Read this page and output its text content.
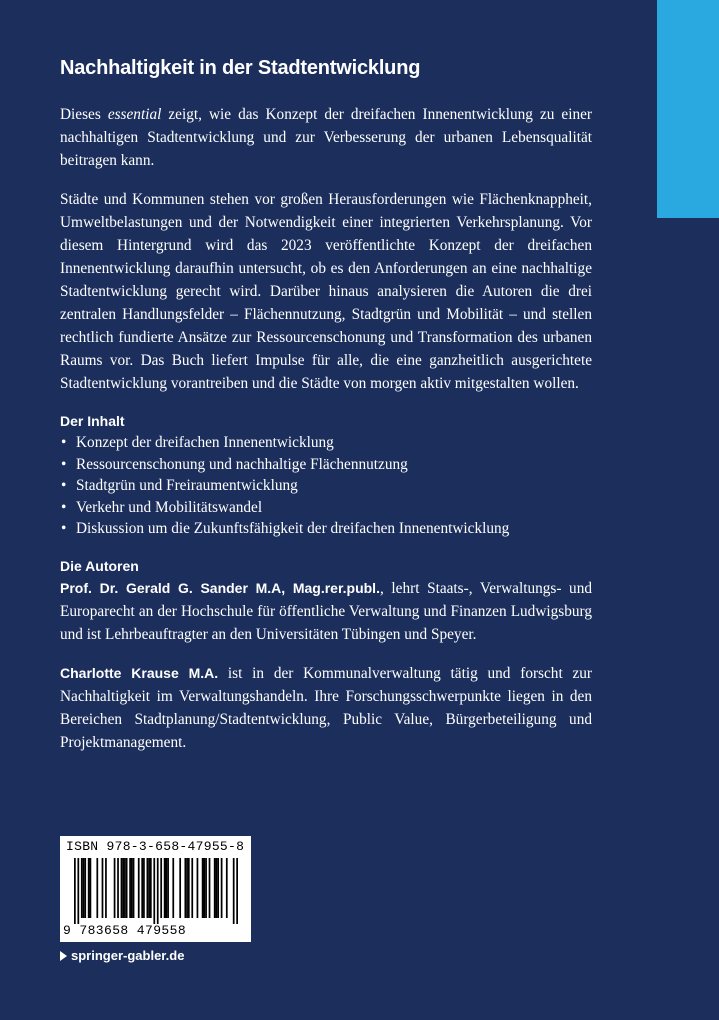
Nachhaltigkeit in der Stadtentwicklung

Dieses essential zeigt, wie das Konzept der dreifachen Innenentwicklung zu einer nachhaltigen Stadtentwicklung und zur Verbesserung der urbanen Lebensqualität beitragen kann.

Städte und Kommunen stehen vor großen Herausforderungen wie Flächenknappheit, Umweltbelastungen und der Notwendigkeit einer integrierten Verkehrsplanung. Vor diesem Hintergrund wird das 2023 veröffentlichte Konzept der dreifachen Innenentwicklung daraufhin untersucht, ob es den Anforderungen an eine nachhaltige Stadtentwicklung gerecht wird. Darüber hinaus analysieren die Autoren die drei zentralen Handlungsfelder – Flächennutzung, Stadtgrün und Mobilität – und stellen rechtlich fundierte Ansätze zur Ressourcenschonung und Transformation des urbanen Raums vor. Das Buch liefert Impulse für alle, die eine ganzheitlich ausgerichtete Stadtentwicklung vorantreiben und die Städte von morgen aktiv mitgestalten wollen.

Der Inhalt
• Konzept der dreifachen Innenentwicklung
• Ressourcenschonung und nachhaltige Flächennutzung
• Stadtgrün und Freiraumentwicklung
• Verkehr und Mobilitätswandel
• Diskussion um die Zukunftsfähigkeit der dreifachen Innenentwicklung
Die Autoren

Prof. Dr. Gerald G. Sander M.A, Mag.rer.publ., lehrt Staats-, Verwaltungs- und Europarecht an der Hochschule für öffentliche Verwaltung und Finanzen Ludwigsburg und ist Lehrbeauftragter an den Universitäten Tübingen und Speyer.

Charlotte Krause M.A. ist in der Kommunalverwaltung tätig und forscht zur Nachhaltigkeit im Verwaltungshandeln. Ihre Forschungsschwerpunkte liegen in den Bereichen Stadtplanung/Stadtentwicklung, Public Value, Bürgerbeteiligung und Projektmanagement.

ISBN 978-3-658-47955-8
9 783658 479558
springer-gabler.de
